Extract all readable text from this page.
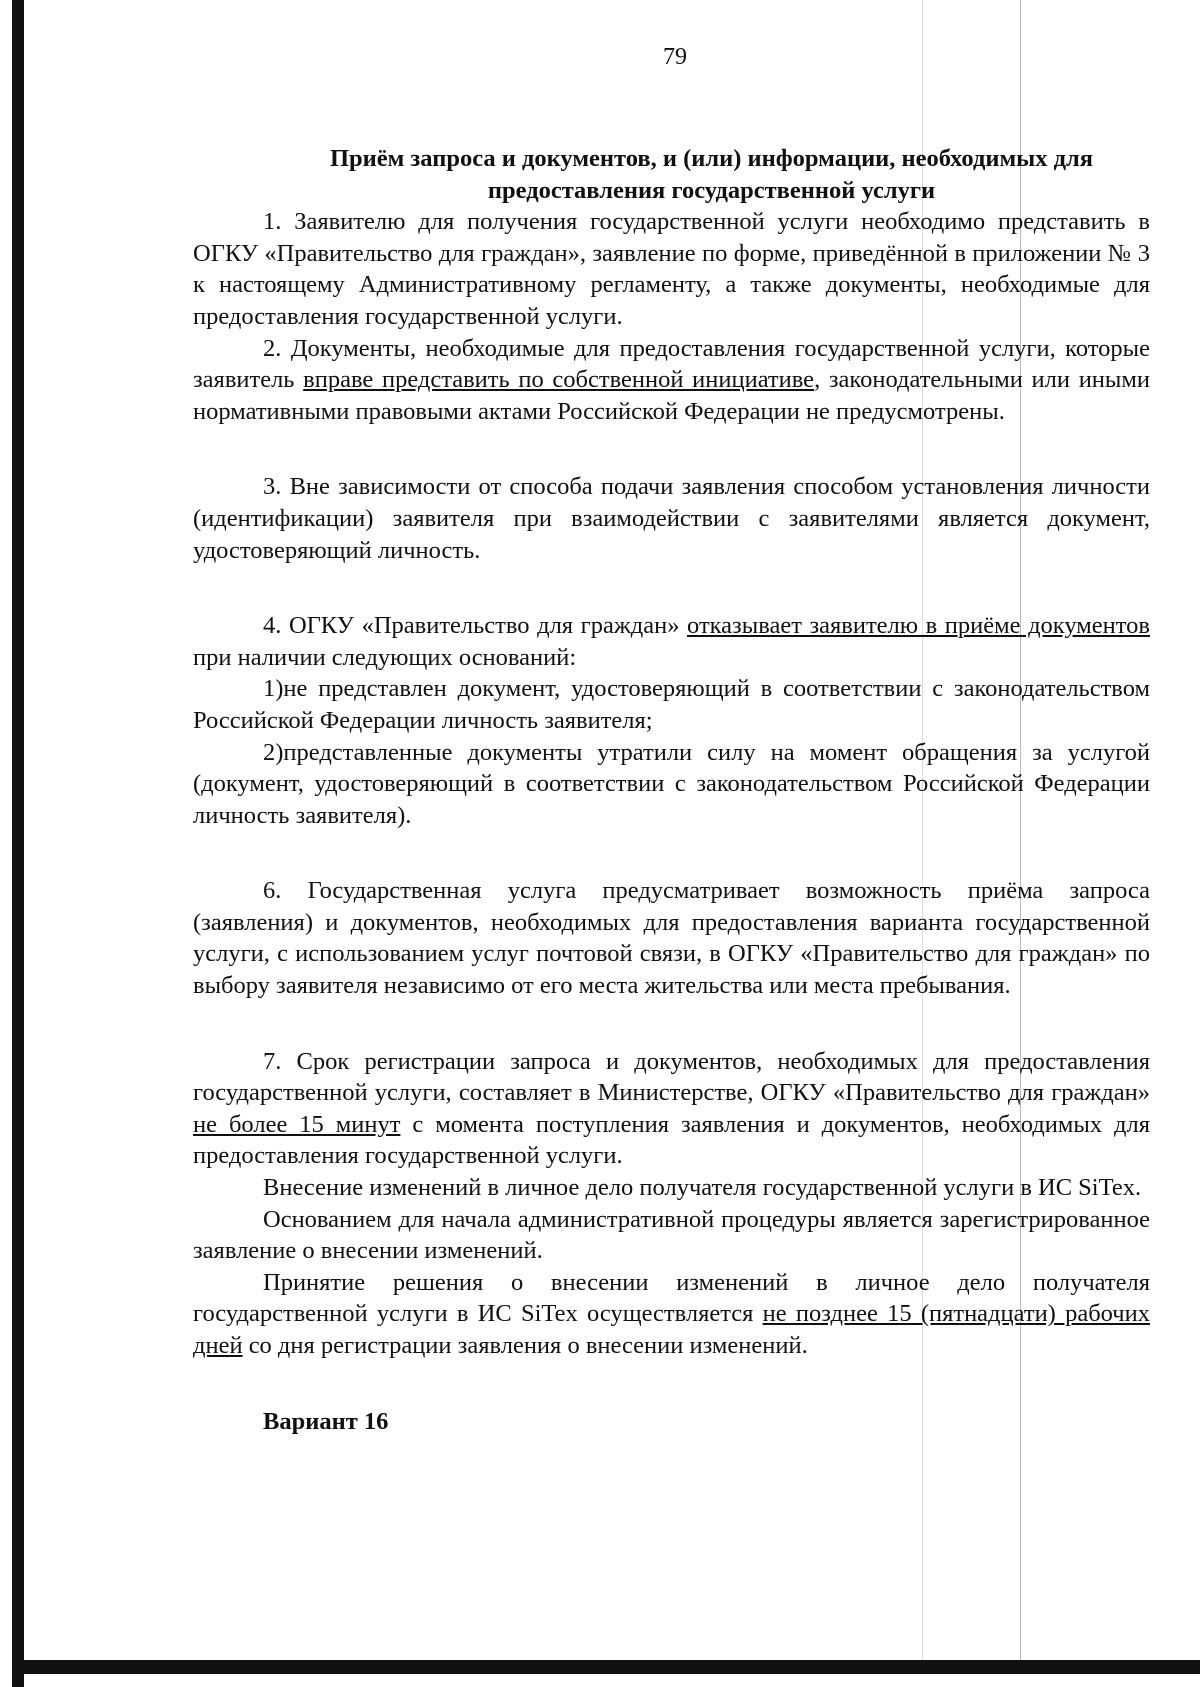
79
Приём запроса и документов, и (или) информации, необходимых для предоставления государственной услуги

1. Заявителю для получения государственной услуги необходимо представить в ОГКУ «Правительство для граждан», заявление по форме, приведённой в приложении № 3 к настоящему Административному регламенту, а также документы, необходимые для предоставления государственной услуги.

2. Документы, необходимые для предоставления государственной услуги, которые заявитель вправе представить по собственной инициативе, законодательными или иными нормативными правовыми актами Российской Федерации не предусмотрены.

3. Вне зависимости от способа подачи заявления способом установления личности (идентификации) заявителя при взаимодействии с заявителями является документ, удостоверяющий личность.

4. ОГКУ «Правительство для граждан» отказывает заявителю в приёме документов при наличии следующих оснований:

1)не представлен документ, удостоверяющий в соответствии с законодательством Российской Федерации личность заявителя;

2)представленные документы утратили силу на момент обращения за услугой (документ, удостоверяющий в соответствии с законодательством Российской Федерации личность заявителя).

6. Государственная услуга предусматривает возможность приёма запроса (заявления) и документов, необходимых для предоставления варианта государственной услуги, с использованием услуг почтовой связи, в ОГКУ «Правительство для граждан» по выбору заявителя независимо от его места жительства или места пребывания.

7. Срок регистрации запроса и документов, необходимых для предоставления государственной услуги, составляет в Министерстве, ОГКУ «Правительство для граждан» не более 15 минут с момента поступления заявления и документов, необходимых для предоставления государственной услуги.

Внесение изменений в личное дело получателя государственной услуги в ИС SiTex.

Основанием для начала административной процедуры является зарегистрированное заявление о внесении изменений.

Принятие решения о внесении изменений в личное дело получателя государственной услуги в ИС SiTex осуществляется не позднее 15 (пятнадцати) рабочих дней со дня регистрации заявления о внесении изменений.

Вариант 16
